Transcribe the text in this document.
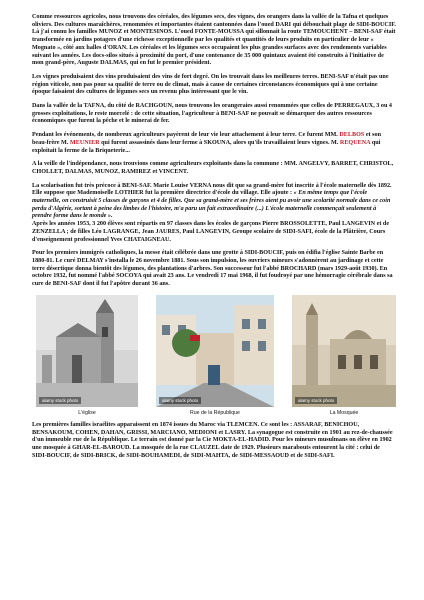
Comme ressources agricoles, nous trouvons des céréales, des légumes secs, des vignes, des orangers dans la vallée de la Tafna et quelques oliviers. Des cultures maraîchères, renommées et importantes étaient cantonnées dans l'oued DARI qui débouchait plage de SIDI-BOUCIF. Là j'ai connu les familles MUNOZ et MONTESINOS. L'oued FONTE-MOUSSA qui sillonnait la route TEMOUCHENT – BENI-SAF était transformée en jardins potagers d'une richesse exceptionnelle par les qualités et quantités de leurs produits en particulier de leur « Mognato », côté aux halles d'ORAN. Les céréales et les légumes secs occupaient les plus grandes surfaces avec des rendements variables suivant les années. Les docs-silos situés à proximité du port, d'une contenance de 35 000 quintaux avaient été construits à l'initiative de mon grand-père, Auguste DALMAS, qui en fut le premier président.

Les vignes produisaient des vins produisaient des vins de fort degré. On les trouvait dans les meilleures terres. BENI-SAF n'était pas une région viticole, non pas pour sa qualité de terre ou de climat, mais à cause de certaines circonstances économiques qui à une certaine époque faisaient des cultures de légumes secs un revenu plus intéressant que le vin.

Dans la vallée de la TAFNA, du côté de RACHGOUN, nous trouvons les orangeraies aussi renommées que celles de PERREGAUX, 3 ou 4 grosses exploitations, le reste morcelé : de cette situation, l'agriculteur à BENI-SAF ne pouvait se démarquer des autres ressources économiques que furent la pêche et le minerai de fer.

Pendant les événements, de nombreux agriculteurs payèrent de leur vie leur attachement à leur terre. Ce furent MM. DELBOS et son beau-frère M. MEUNIER qui furent assassinés dans leur ferme à SKOUNA, alors qu'ils travaillaient leurs vignes. M. REQUENA qui exploitait la ferme de la Briqueterie...

A la veille de l'indépendance, nous trouvions comme agriculteurs exploitants dans la commune : MM. ANGELVY, BARRET, CHRISTOL, CHOLLET, DALMAS, MUNOZ, RAMIREZ et VINCENT.

La scolarisation fut très précoce à BENI-SAF. Marie Louise VERNA nous dit que sa grand-mère fut inscrite à l'école maternelle dès 1892. Elle suppose que Mademoiselle LOTHIER fut la première directrice d'école du village. Elle ajoute : « En même temps que l'école maternelle, on construisit 5 classes de garçons et 4 de filles. Que sa grand-mère et ses frères aient pu avoir une scolarité normale dans ce coin perdu d'Algérie, sortant à peine des limbes de l'histoire, m'a paru un fait extraordinaire (...) L'école maternelle commençait seulement à prendre forme dans le monde ».
Après les années 1953, 3 200 élèves sont répartis en 97 classes dans les écoles de garçons Pierre BROSSOLETTE, Paul LANGEVIN et de ZENZELLA ; de filles Léo LAGRANGE, Jean JAURES, Paul LANGEVIN, Groupe scolaire de SIDI-SAFI, école de la Plâtrière, Cours d'enseignement professionnel Yves CHATAIGNEAU.

Pour les premiers immigrés catholiques, la messe était célébrée dans une grotte à SIDI-BOUCIF, puis on édifia l'église Sainte Barbe en 1880-81. Le curé DELMAY s'installa le 26 novembre 1881. Sous son impulsion, les ouvriers mineurs s'adonnèrent au jardinage et cette terre désertique donna bientôt des légumes, des plantations d'arbres. Son successeur fut l'abbé BROCHARD (mars 1929-août 1930). En octobre 1932, fut nommé l'abbé SOCOYA qui avait 23 ans. Le vendredi 17 mai 1968, il fut foudroyé par une hémorragie cérébrale dans sa cure de BENI-SAF dont il fut l'apôtre durant 36 ans.

alamy stock photo	alamy stock photo	alamy stock photo
L'église	Rue de la République	La Mosquée

Les premières familles israélites apparaissent en 1874 issues du Maroc via TLEMCEN. Ce sont les : ASSARAF, BENICHOU, BENSAKOUM, COHEN, DAHAN, GRISSI, MARCIANO, MEDIONI et LASRY. La synagogue est construite en 1901 au rez-de-chaussée d'un immeuble rue de la République. Le terrain est donné par la Cie MOKTA-EL-HADID. Pour les mineurs musulmans on élève en 1902 une mosquée à GHAR-EL-BAROUD. La mosquée de la rue CLAUZEL date de 1929. Plusieurs marabouts entourent la cité : celui de SIDI-BOUCIF, de SIDI-BRICK, de SIDI-BOUHAMEDI, de SIDI-MAHTA, de SIDI-MESSAOUD et de SIDI-SAFI.
